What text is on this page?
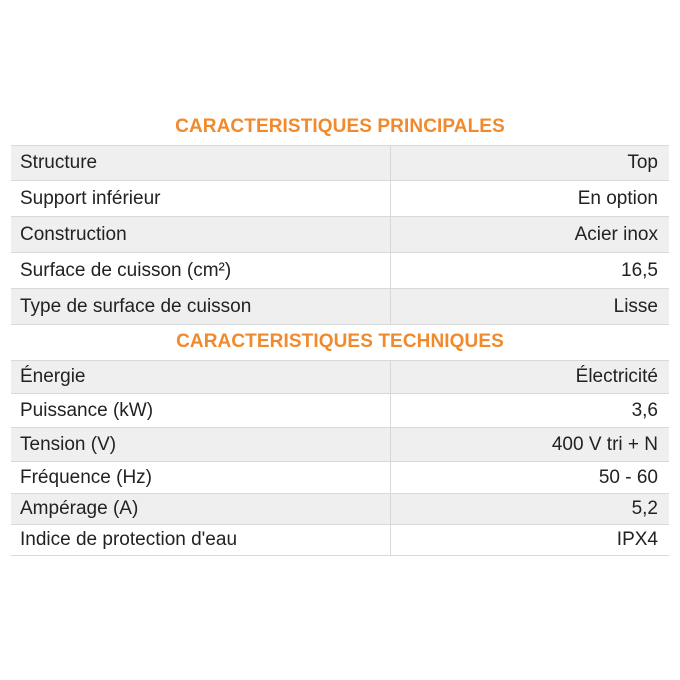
CARACTERISTIQUES PRINCIPALES
Structure	Top
Support inférieur	En option
Construction	Acier inox
Surface de cuisson (cm²)	16,5
Type de surface de cuisson	Lisse
CARACTERISTIQUES TECHNIQUES
Énergie	Électricité
Puissance (kW)	3,6
Tension (V)	400 V tri + N
Fréquence (Hz)	50 - 60
Ampérage (A)	5,2
Indice de protection d'eau	IPX4
